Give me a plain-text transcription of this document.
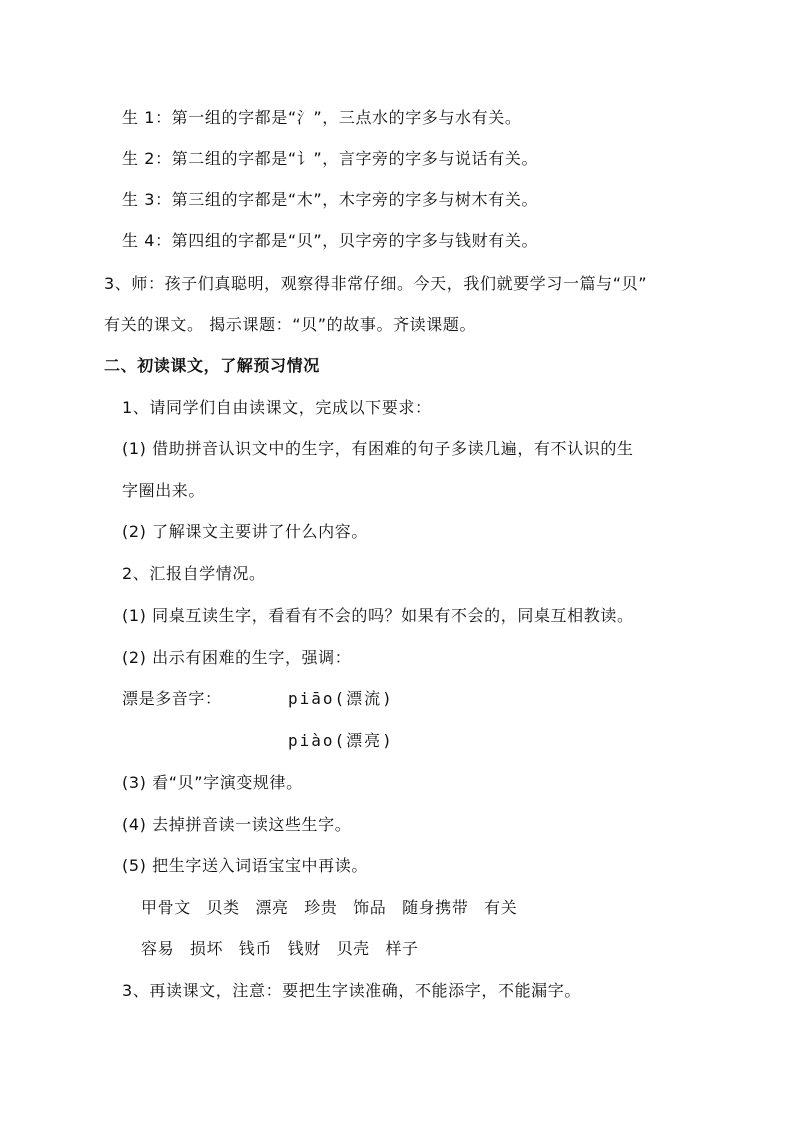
生 1：第一组的字都是“氵”，三点水的字多与水有关。
生 2：第二组的字都是“讠”，言字旁的字多与说话有关。
生 3：第三组的字都是“木”，木字旁的字多与树木有关。
生 4：第四组的字都是“贝”，贝字旁的字多与钱财有关。
3、师：孩子们真聪明，观察得非常仔细。今天，我们就要学习一篇与“贝”
有关的课文。 揭示课题：“贝”的故事。齐读课题。
二、初读课文，了解预习情况
1、请同学们自由读课文，完成以下要求：
(1) 借助拼音认识文中的生字，有困难的句子多读几遍，有不认识的生
字圈出来。
(2) 了解课文主要讲了什么内容。
2、汇报自学情况。
(1) 同桌互读生字，看看有不会的吗？如果有不会的，同桌互相教读。
(2) 出示有困难的生字，强调：
漂是多音字：	piāo(漂流)
piào(漂亮)
(3) 看“贝”字演变规律。
(4) 去掉拼音读一读这些生字。
(5) 把生字送入词语宝宝中再读。
甲骨文 贝类 漂亮 珍贵 饰品 随身携带 有关
容易 损坏 钱币 钱财 贝壳 样子
3、再读课文，注意：要把生字读准确，不能添字，不能漏字。
